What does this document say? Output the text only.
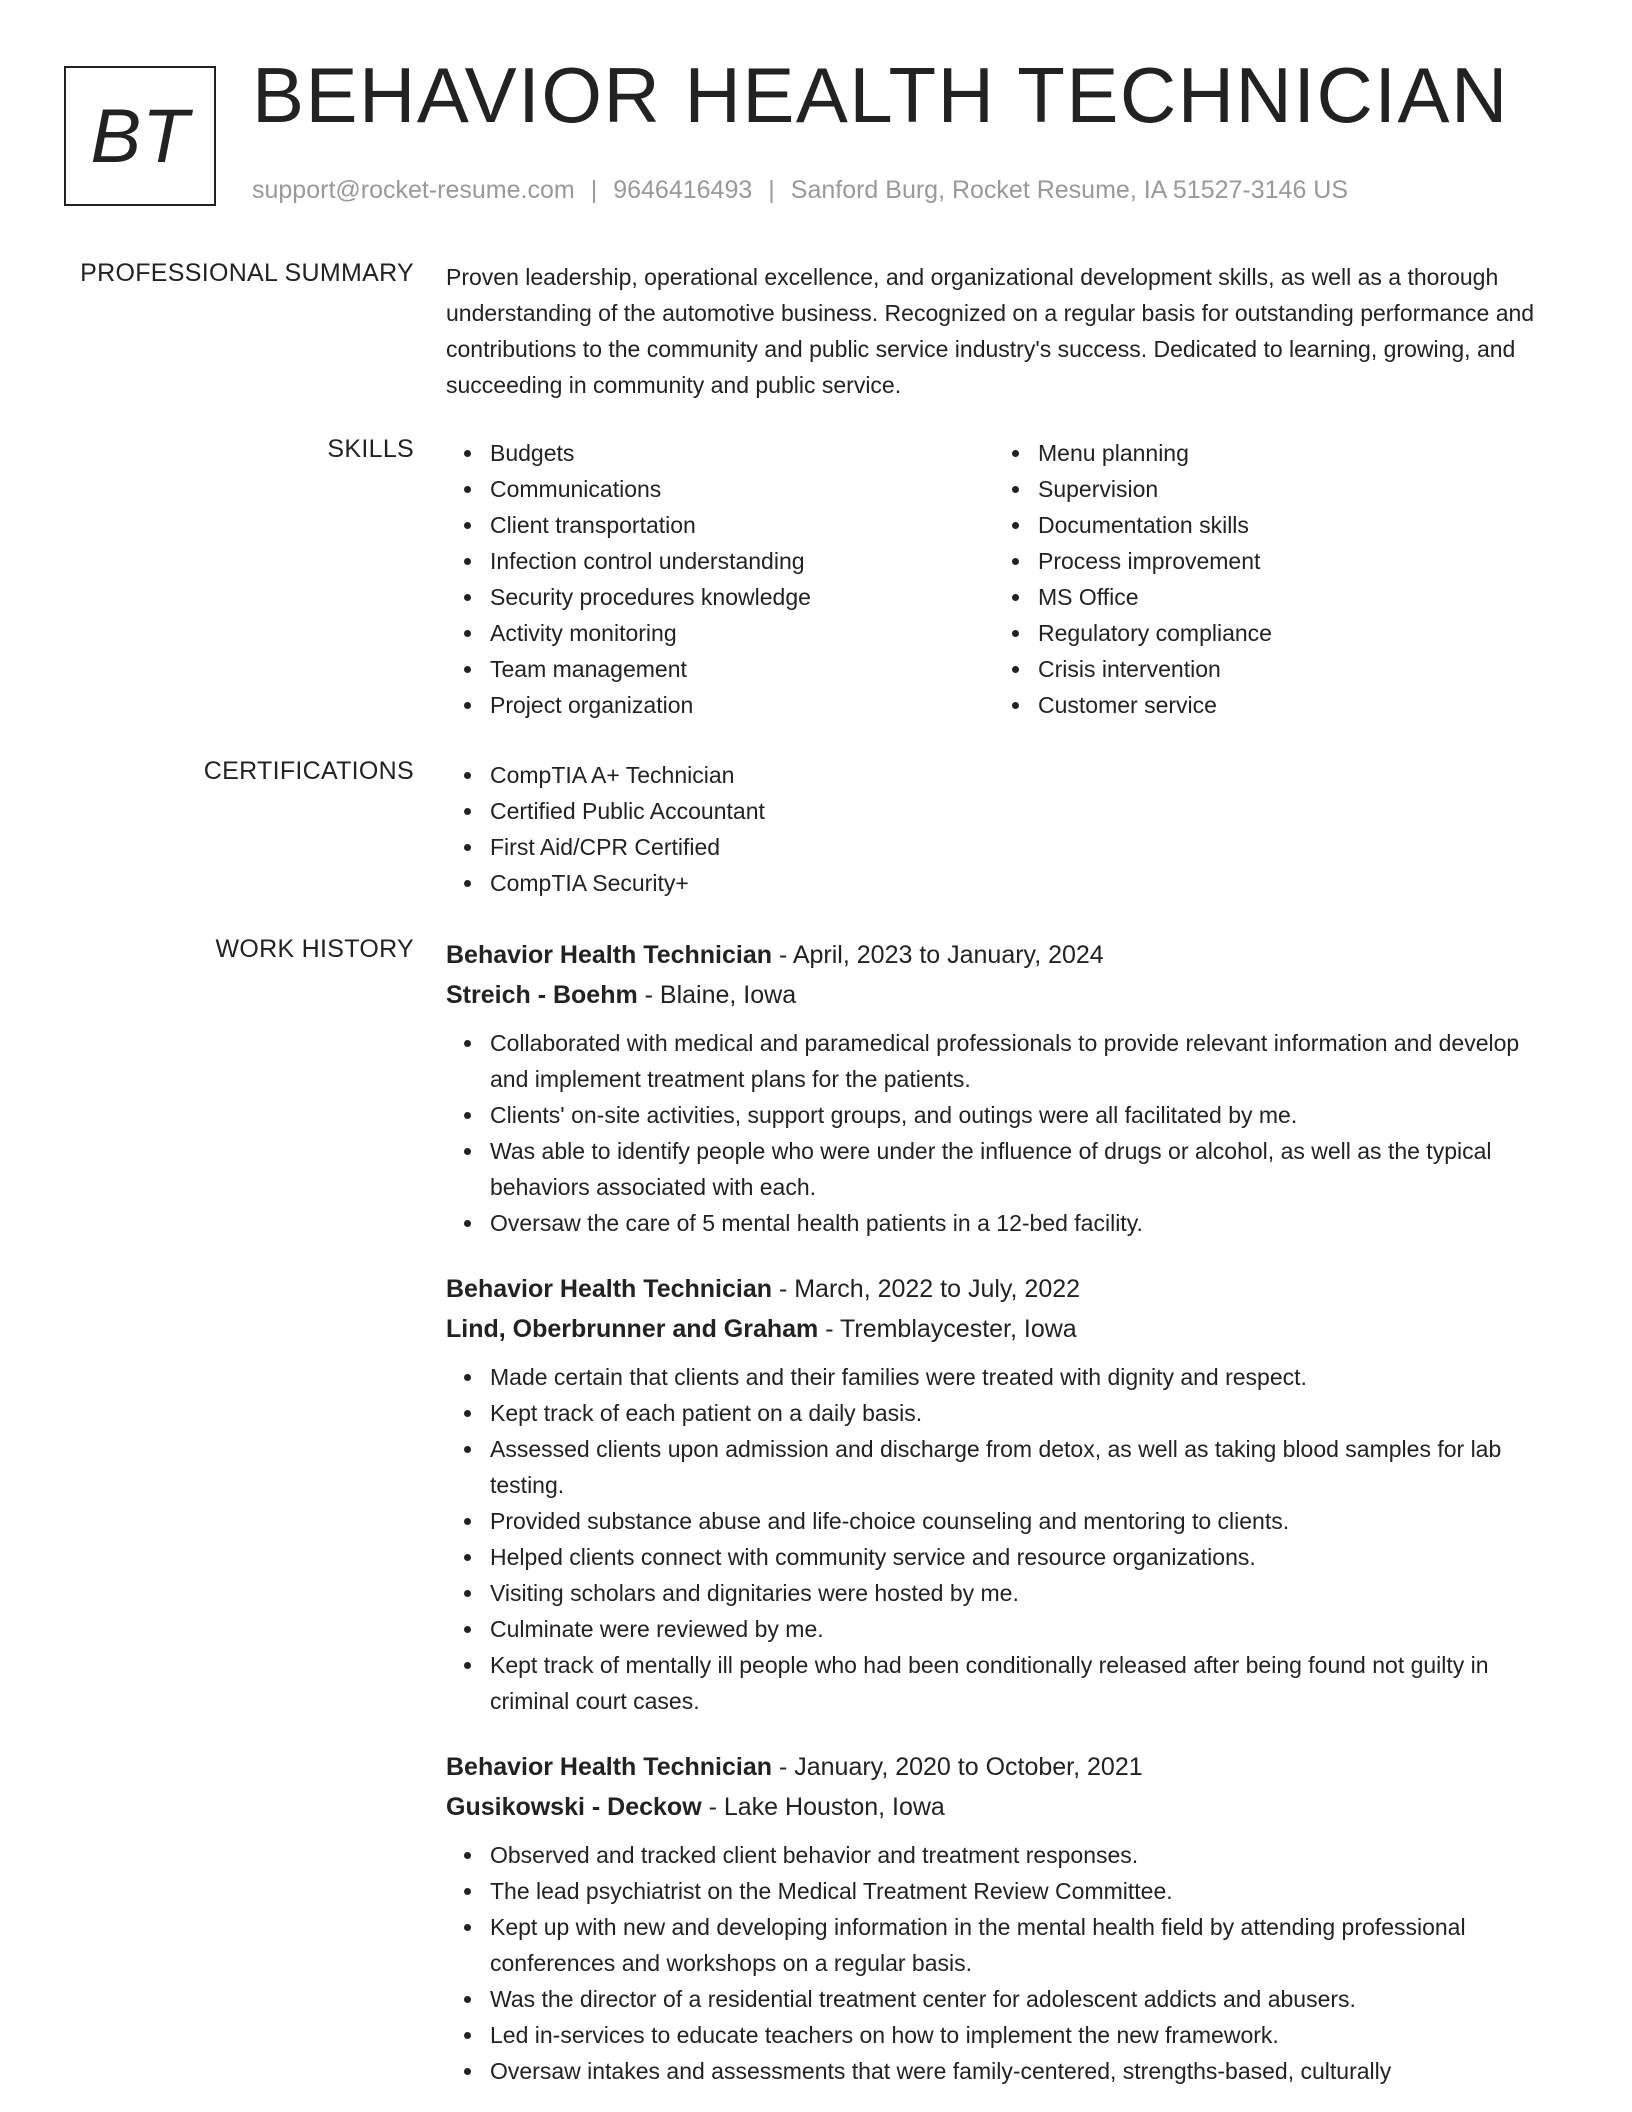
BT BEHAVIOR HEALTH TECHNICIAN
support@rocket-resume.com | 9646416493 | Sanford Burg, Rocket Resume, IA 51527-3146 US
PROFESSIONAL SUMMARY Proven leadership, operational excellence, and organizational development skills, as well as a thorough understanding of the automotive business. Recognized on a regular basis for outstanding performance and contributions to the community and public service industry's success. Dedicated to learning, growing, and succeeding in community and public service.
SKILLS	Budgets
Communications
Client transportation
Infection control understanding
Security procedures knowledge
Activity monitoring
Team management
Project organization
Menu planning
Supervision
Documentation skills
Process improvement
MS Office
Regulatory compliance
Crisis intervention
Customer service
CERTIFICATIONS	CompTIA A+ Technician
Certified Public Accountant
First Aid/CPR Certified
CompTIA Security+
WORK HISTORY Behavior Health Technician - April, 2023 to January, 2024
Streich - Boehm - Blaine, Iowa
Collaborated with medical and paramedical professionals to provide relevant information and develop and implement treatment plans for the patients.
Clients' on-site activities, support groups, and outings were all facilitated by me.
Was able to identify people who were under the influence of drugs or alcohol, as well as the typical behaviors associated with each.
Oversaw the care of 5 mental health patients in a 12-bed facility.
Behavior Health Technician - March, 2022 to July, 2022
Lind, Oberbrunner and Graham - Tremblaycester, Iowa
Made certain that clients and their families were treated with dignity and respect.
Kept track of each patient on a daily basis.
Assessed clients upon admission and discharge from detox, as well as taking blood samples for lab testing.
Provided substance abuse and life-choice counseling and mentoring to clients.
Helped clients connect with community service and resource organizations.
Visiting scholars and dignitaries were hosted by me.
Culminate were reviewed by me.
Kept track of mentally ill people who had been conditionally released after being found not guilty in criminal court cases.
Behavior Health Technician - January, 2020 to October, 2021
Gusikowski - Deckow - Lake Houston, Iowa
Observed and tracked client behavior and treatment responses.
The lead psychiatrist on the Medical Treatment Review Committee.
Kept up with new and developing information in the mental health field by attending professional conferences and workshops on a regular basis.
Was the director of a residential treatment center for adolescent addicts and abusers.
Led in-services to educate teachers on how to implement the new framework.
Oversaw intakes and assessments that were family-centered, strengths-based, culturally
